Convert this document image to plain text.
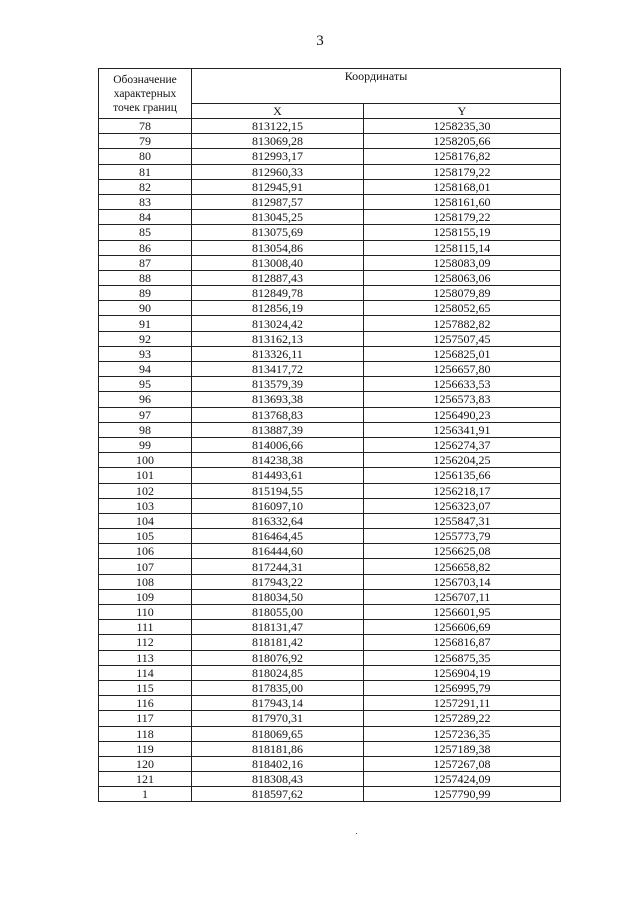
3
Обозначение характерных точек границ	Координаты	
	X	Y
78	813122,15	1258235,30
79	813069,28	1258205,66
80	812993,17	1258176,82
81	812960,33	1258179,22
82	812945,91	1258168,01
83	812987,57	1258161,60
84	813045,25	1258179,22
85	813075,69	1258155,19
86	813054,86	1258115,14
87	813008,40	1258083,09
88	812887,43	1258063,06
89	812849,78	1258079,89
90	812856,19	1258052,65
91	813024,42	1257882,82
92	813162,13	1257507,45
93	813326,11	1256825,01
94	813417,72	1256657,80
95	813579,39	1256633,53
96	813693,38	1256573,83
97	813768,83	1256490,23
98	813887,39	1256341,91
99	814006,66	1256274,37
100	814238,38	1256204,25
101	814493,61	1256135,66
102	815194,55	1256218,17
103	816097,10	1256323,07
104	816332,64	1255847,31
105	816464,45	1255773,79
106	816444,60	1256625,08
107	817244,31	1256658,82
108	817943,22	1256703,14
109	818034,50	1256707,11
110	818055,00	1256601,95
111	818131,47	1256606,69
112	818181,42	1256816,87
113	818076,92	1256875,35
114	818024,85	1256904,19
115	817835,00	1256995,79
116	817943,14	1257291,11
117	817970,31	1257289,22
118	818069,65	1257236,35
119	818181,86	1257189,38
120	818402,16	1257267,08
121	818308,43	1257424,09
1	818597,62	1257790,99
